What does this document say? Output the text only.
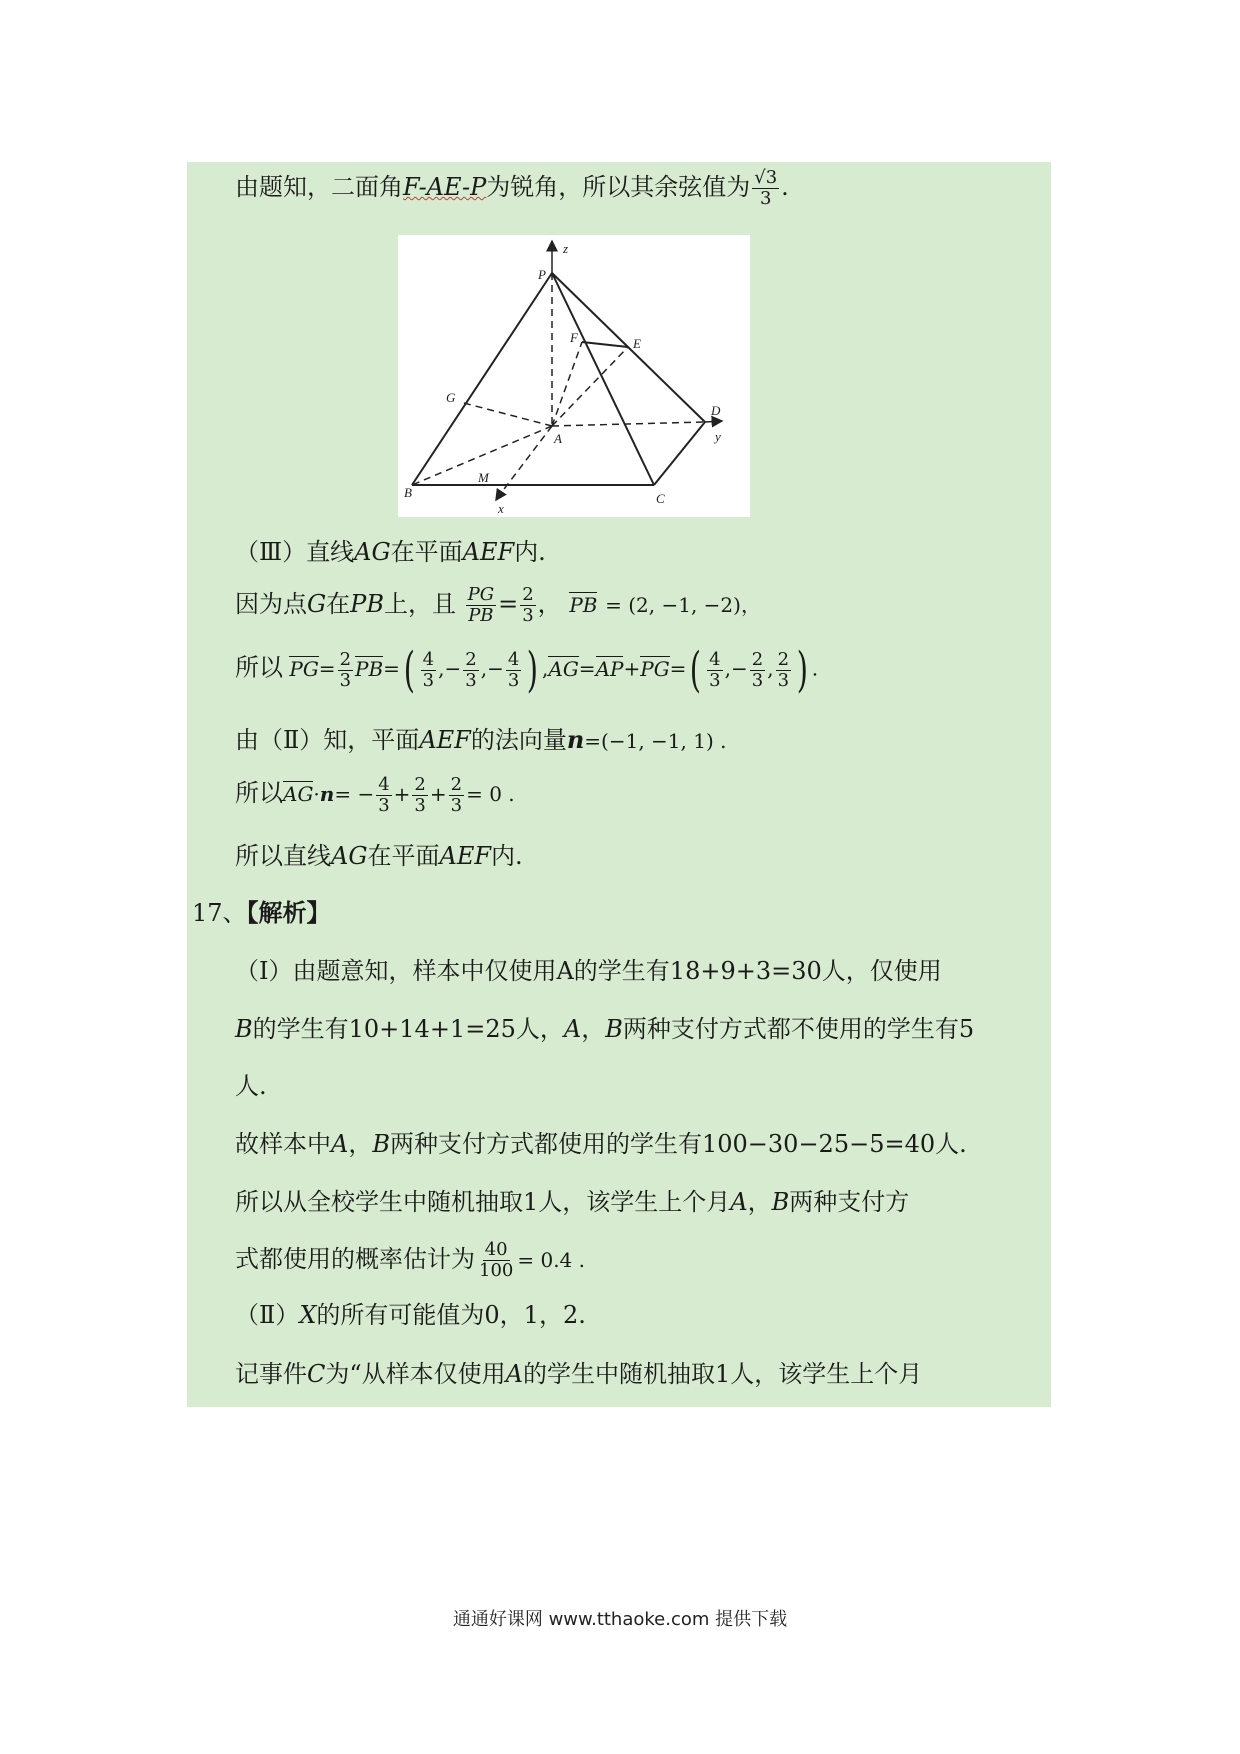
由题知，二面角F-AE-P为锐角，所以其余弦值为 $\frac{√3}{3}$ .
P
z
F	E
G
A
D
y
B
M
x
C
（Ⅲ）直线AG在平面AEF内.
因为点G在PB上，且 $\frac{PG}{PB} = \frac{2}{3}$ ， PB = (2, −1, −2)，
所以 $PG= \frac{2}{3} PB=( \frac{4}{3}$ ,− $\frac{2}{3}$ ,− $\frac{4}{3}$ ) $,AG=AP+PG=( \frac{4}{3}$ ,− $\frac{2}{3}$ , $\frac{2}{3}$ ) .
由（Ⅱ）知，平面AEF的法向量n=(−1, −1, 1) .
所以$AG\cdot n= - \frac{4}{3} + \frac{2}{3} + \frac{2}{3} = 0$ .
所以直线AG在平面AEF内.
17、【解析】
（Ⅰ）由题意知，样本中仅使用A的学生有18+9+3=30人，仅使用
B的学生有10+14+1=25人，A，B两种支付方式都不使用的学生有5
人.
故样本中A，B两种支付方式都使用的学生有100−30−25−5=40人.
所以从全校学生中随机抽取1人，该学生上个月A，B两种支付方
式都使用的概率估计为 $\frac{40}{100} = 0.4$ .
（Ⅱ）X的所有可能值为0，1，2.
记事件C为“从样本仅使用A的学生中随机抽取1人，该学生上个月
通通好课网 www.tthaoke.com 提供下载
